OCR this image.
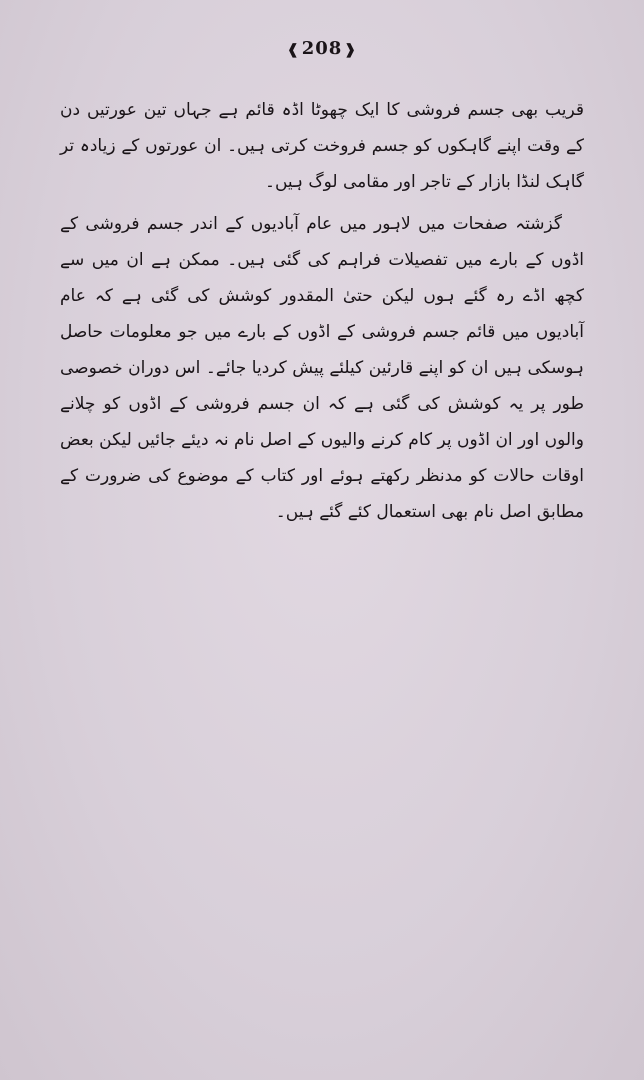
❰ 208 ❱

قریب بھی جسم فروشی کا ایک چھوٹا اڈہ قائم ہے جہاں تین عورتیں دن کے وقت اپنے گاہکوں کو جسم فروخت کرتی ہیں۔ ان عورتوں کے زیادہ تر گاہک لنڈا بازار کے تاجر اور مقامی لوگ ہیں۔

گزشتہ صفحات میں لاہور میں عام آبادیوں کے اندر جسم فروشی کے اڈوں کے بارے میں تفصیلات فراہم کی گئی ہیں۔ ممکن ہے ان میں سے کچھ اڈے رہ گئے ہوں لیکن حتیٰ المقدور کوشش کی گئی ہے کہ عام آبادیوں میں قائم جسم فروشی کے اڈوں کے بارے میں جو معلومات حاصل ہوسکی ہیں ان کو اپنے قارئین کیلئے پیش کردیا جائے۔ اس دوران خصوصی طور پر یہ کوشش کی گئی ہے کہ ان جسم فروشی کے اڈوں کو چلانے والوں اور ان اڈوں پر کام کرنے والیوں کے اصل نام نہ دیئے جائیں لیکن بعض اوقات حالات کو مدنظر رکھتے ہوئے اور کتاب کے موضوع کی ضرورت کے مطابق اصل نام بھی استعمال کئے گئے ہیں۔
